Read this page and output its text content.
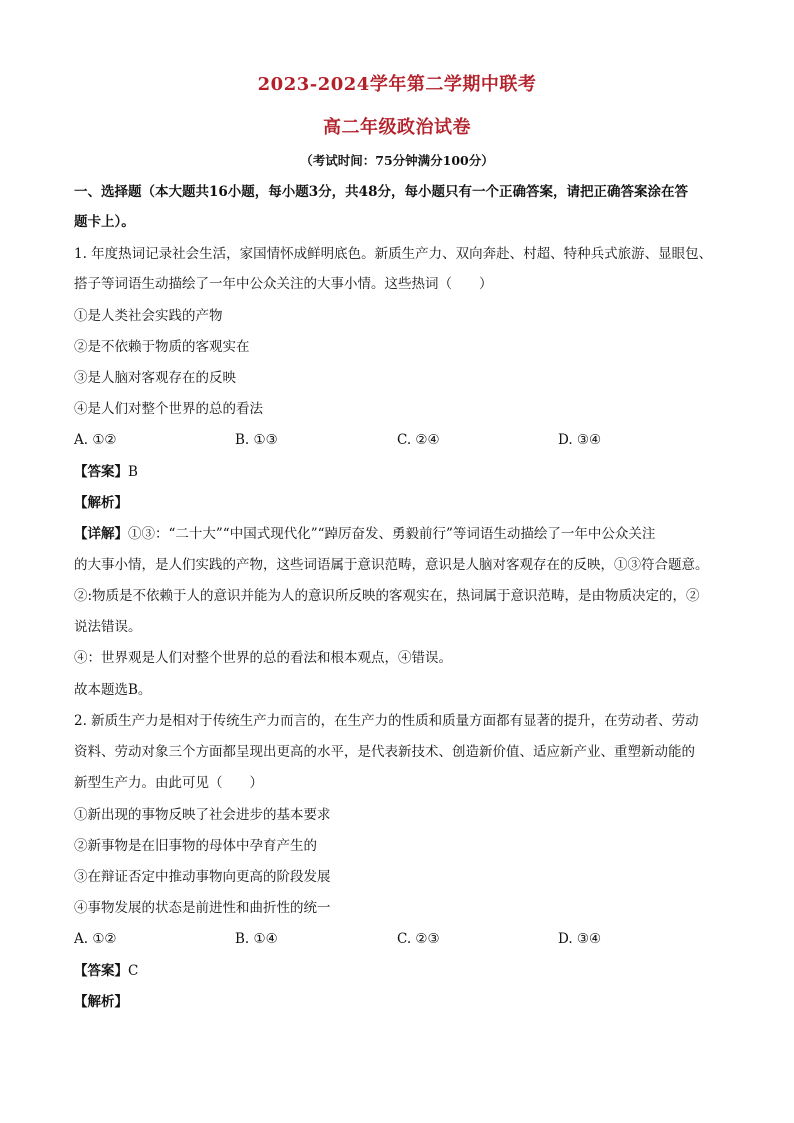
2023-2024学年第二学期中联考
高二年级政治试卷
（考试时间：75分钟满分100分）
一、选择题（本大题共16小题，每小题3分，共48分，每小题只有一个正确答案，请把正确答案涂在答
题卡上）。
1. 年度热词记录社会生活，家国情怀成鲜明底色。新质生产力、双向奔赴、村超、特种兵式旅游、显眼包、
搭子等词语生动描绘了一年中公众关注的大事小情。这些热词（　　）
①是人类社会实践的产物
②是不依赖于物质的客观实在
③是人脑对客观存在的反映
④是人们对整个世界的总的看法
A. ①②	B. ①③	C. ②④	D. ③④
【答案】B
【解析】
【详解】①③：“二十大”“中国式现代化”“踔厉奋发、勇毅前行”等词语生动描绘了一年中公众关注
的大事小情，是人们实践的产物，这些词语属于意识范畴，意识是人脑对客观存在的反映，①③符合题意。
②:物质是不依赖于人的意识并能为人的意识所反映的客观实在，热词属于意识范畴，是由物质决定的，②
说法错误。
④：世界观是人们对整个世界的总的看法和根本观点，④错误。
故本题选B。
2. 新质生产力是相对于传统生产力而言的，在生产力的性质和质量方面都有显著的提升，在劳动者、劳动
资料、劳动对象三个方面都呈现出更高的水平，是代表新技术、创造新价值、适应新产业、重塑新动能的
新型生产力。由此可见（　　）
①新出现的事物反映了社会进步的基本要求
②新事物是在旧事物的母体中孕育产生的
③在辩证否定中推动事物向更高的阶段发展
④事物发展的状态是前进性和曲折性的统一
A. ①②	B. ①④	C. ②③	D. ③④
【答案】C
【解析】
